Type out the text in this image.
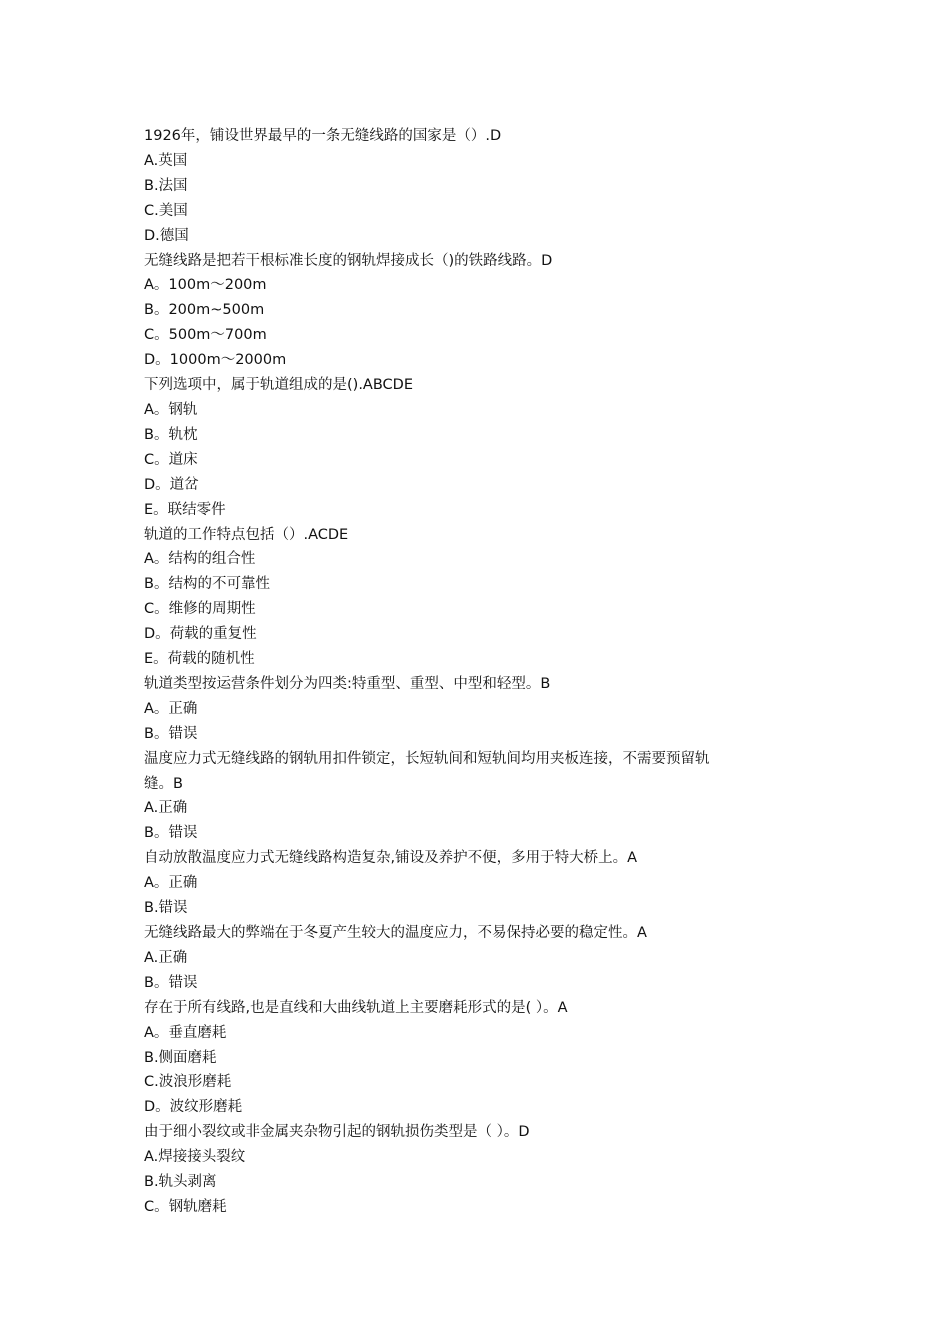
1926年，铺设世界最早的一条无缝线路的国家是（）.D
A.英国
B.法国
C.美国
D.德国
无缝线路是把若干根标准长度的钢轨焊接成长（)的铁路线路。D
A。100m～200m
B。200m~500m
C。500m～700m
D。1000m～2000m
下列选项中，属于轨道组成的是().ABCDE
A。钢轨
B。轨枕
C。道床
D。道岔
E。联结零件
轨道的工作特点包括（）.ACDE
A。结构的组合性
B。结构的不可靠性
C。维修的周期性
D。荷载的重复性
E。荷载的随机性
轨道类型按运营条件划分为四类:特重型、重型、中型和轻型。B
A。正确
B。错误
温度应力式无缝线路的钢轨用扣件锁定，长短轨间和短轨间均用夹板连接，不需要预留轨
缝。B
A.正确
B。错误
自动放散温度应力式无缝线路构造复杂,铺设及养护不便，多用于特大桥上。A
A。正确
B.错误
无缝线路最大的弊端在于冬夏产生较大的温度应力，不易保持必要的稳定性。A
A.正确
B。错误
存在于所有线路,也是直线和大曲线轨道上主要磨耗形式的是( ）。A
A。垂直磨耗
B.侧面磨耗
C.波浪形磨耗
D。波纹形磨耗
由于细小裂纹或非金属夹杂物引起的钢轨损伤类型是（ ）。D
A.焊接接头裂纹
B.轨头剥离
C。钢轨磨耗
